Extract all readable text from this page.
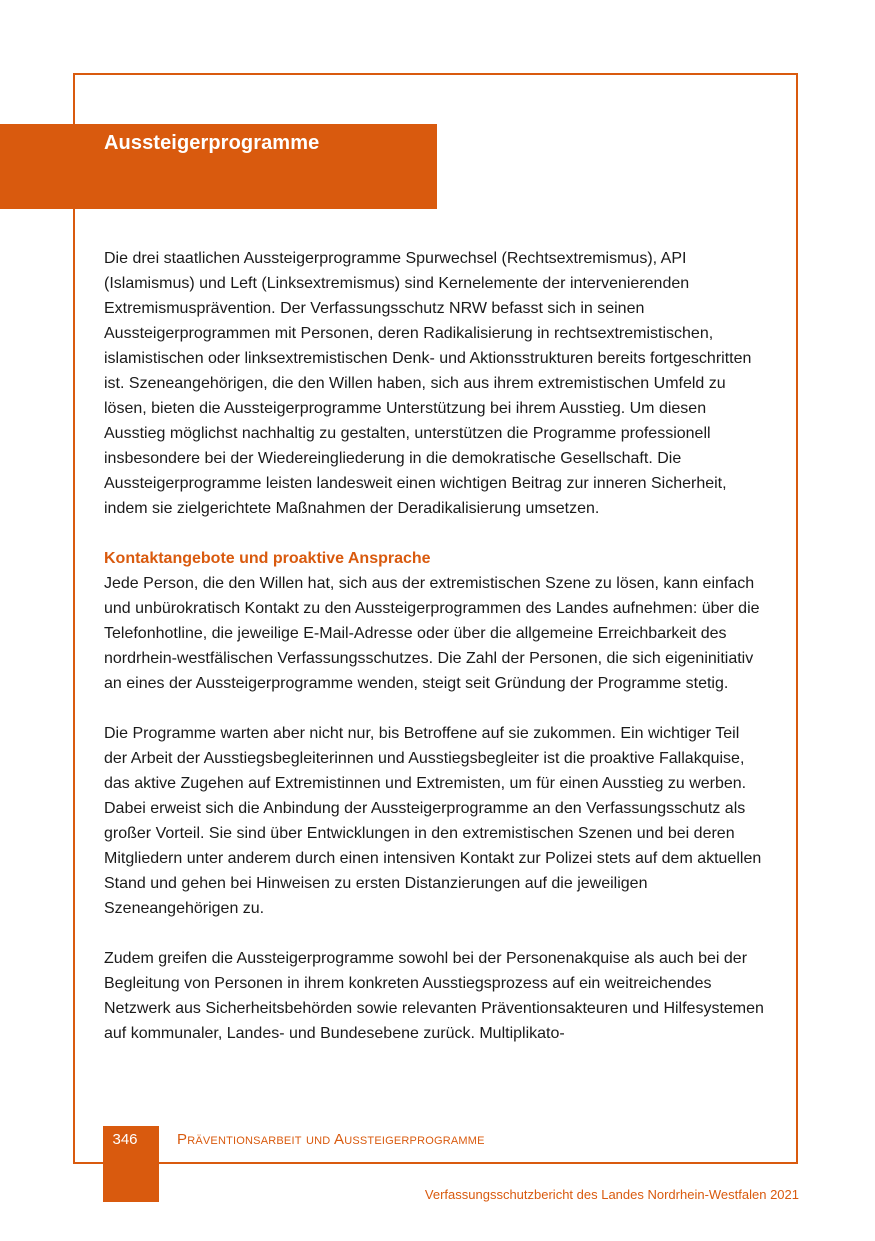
Aussteigerprogramme

Die drei staatlichen Aussteigerprogramme Spurwechsel (Rechtsextremismus), API (Islamismus) und Left (Linksextremismus) sind Kernelemente der intervenierenden Extremismusprävention. Der Verfassungsschutz NRW befasst sich in seinen Aussteigerprogrammen mit Personen, deren Radikalisierung in rechtsextremistischen, islamistischen oder linksextremistischen Denk- und Aktionsstrukturen bereits fortgeschritten ist. Szeneangehörigen, die den Willen haben, sich aus ihrem extremistischen Umfeld zu lösen, bieten die Aussteigerprogramme Unterstützung bei ihrem Ausstieg. Um diesen Ausstieg möglichst nachhaltig zu gestalten, unterstützen die Programme professionell insbesondere bei der Wiedereingliederung in die demokratische Gesellschaft. Die Aussteigerprogramme leisten landesweit einen wichtigen Beitrag zur inneren Sicherheit, indem sie zielgerichtete Maßnahmen der Deradikalisierung umsetzen.

Kontaktangebote und proaktive Ansprache

Jede Person, die den Willen hat, sich aus der extremistischen Szene zu lösen, kann einfach und unbürokratisch Kontakt zu den Aussteigerprogrammen des Landes aufnehmen: über die Telefonhotline, die jeweilige E-Mail-Adresse oder über die allgemeine Erreichbarkeit des nordrhein-westfälischen Verfassungsschutzes. Die Zahl der Personen, die sich eigeninitiativ an eines der Aussteigerprogramme wenden, steigt seit Gründung der Programme stetig.

Die Programme warten aber nicht nur, bis Betroffene auf sie zukommen. Ein wichtiger Teil der Arbeit der Ausstiegsbegleiterinnen und Ausstiegsbegleiter ist die proaktive Fallakquise, das aktive Zugehen auf Extremistinnen und Extremisten, um für einen Ausstieg zu werben. Dabei erweist sich die Anbindung der Aussteigerprogramme an den Verfassungsschutz als großer Vorteil. Sie sind über Entwicklungen in den extremistischen Szenen und bei deren Mitgliedern unter anderem durch einen intensiven Kontakt zur Polizei stets auf dem aktuellen Stand und gehen bei Hinweisen zu ersten Distanzierungen auf die jeweiligen Szeneangehörigen zu.

Zudem greifen die Aussteigerprogramme sowohl bei der Personenakquise als auch bei der Begleitung von Personen in ihrem konkreten Ausstiegsprozess auf ein weitreichendes Netzwerk aus Sicherheitsbehörden sowie relevanten Präventionsakteuren und Hilfesystemen auf kommunaler, Landes- und Bundesebene zurück. Multiplikato-

346	Präventionsarbeit und Aussteigerprogramme
Verfassungsschutzbericht des Landes Nordrhein-Westfalen 2021
